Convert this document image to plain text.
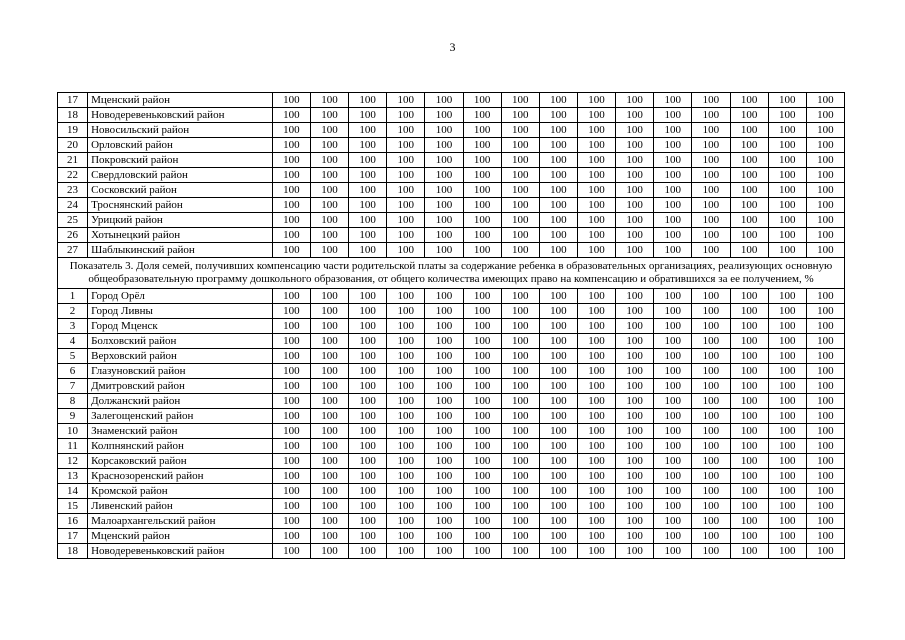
3
17	Мценский район	100	100	100	100	100	100	100	100	100	100	100	100	100	100	100
18	Новодеревеньковский район	100	100	100	100	100	100	100	100	100	100	100	100	100	100	100
19	Новосильский район	100	100	100	100	100	100	100	100	100	100	100	100	100	100	100
20	Орловский район	100	100	100	100	100	100	100	100	100	100	100	100	100	100	100
21	Покровский район	100	100	100	100	100	100	100	100	100	100	100	100	100	100	100
22	Свердловский район	100	100	100	100	100	100	100	100	100	100	100	100	100	100	100
23	Сосковский район	100	100	100	100	100	100	100	100	100	100	100	100	100	100	100
24	Троснянский район	100	100	100	100	100	100	100	100	100	100	100	100	100	100	100
25	Урицкий район	100	100	100	100	100	100	100	100	100	100	100	100	100	100	100
26	Хотынецкий район	100	100	100	100	100	100	100	100	100	100	100	100	100	100	100
27	Шаблыкинский район	100	100	100	100	100	100	100	100	100	100	100	100	100	100	100
Показатель 3. Доля семей, получивших компенсацию части родительской платы за содержание ребенка в образовательных организациях, реализующих основную общеобразовательную программу дошкольного образования, от общего количества имеющих право на компенсацию и обратившихся за ее получением, %																
1	Город Орёл	100	100	100	100	100	100	100	100	100	100	100	100	100	100	100
2	Город Ливны	100	100	100	100	100	100	100	100	100	100	100	100	100	100	100
3	Город Мценск	100	100	100	100	100	100	100	100	100	100	100	100	100	100	100
4	Болховский район	100	100	100	100	100	100	100	100	100	100	100	100	100	100	100
5	Верховский район	100	100	100	100	100	100	100	100	100	100	100	100	100	100	100
6	Глазуновский район	100	100	100	100	100	100	100	100	100	100	100	100	100	100	100
7	Дмитровский район	100	100	100	100	100	100	100	100	100	100	100	100	100	100	100
8	Должанский район	100	100	100	100	100	100	100	100	100	100	100	100	100	100	100
9	Залегощенский район	100	100	100	100	100	100	100	100	100	100	100	100	100	100	100
10	Знаменский район	100	100	100	100	100	100	100	100	100	100	100	100	100	100	100
11	Колпнянский район	100	100	100	100	100	100	100	100	100	100	100	100	100	100	100
12	Корсаковский район	100	100	100	100	100	100	100	100	100	100	100	100	100	100	100
13	Краснозоренский район	100	100	100	100	100	100	100	100	100	100	100	100	100	100	100
14	Кромской район	100	100	100	100	100	100	100	100	100	100	100	100	100	100	100
15	Ливенский район	100	100	100	100	100	100	100	100	100	100	100	100	100	100	100
16	Малоархангельский район	100	100	100	100	100	100	100	100	100	100	100	100	100	100	100
17	Мценский район	100	100	100	100	100	100	100	100	100	100	100	100	100	100	100
18	Новодеревеньковский район	100	100	100	100	100	100	100	100	100	100	100	100	100	100	100
